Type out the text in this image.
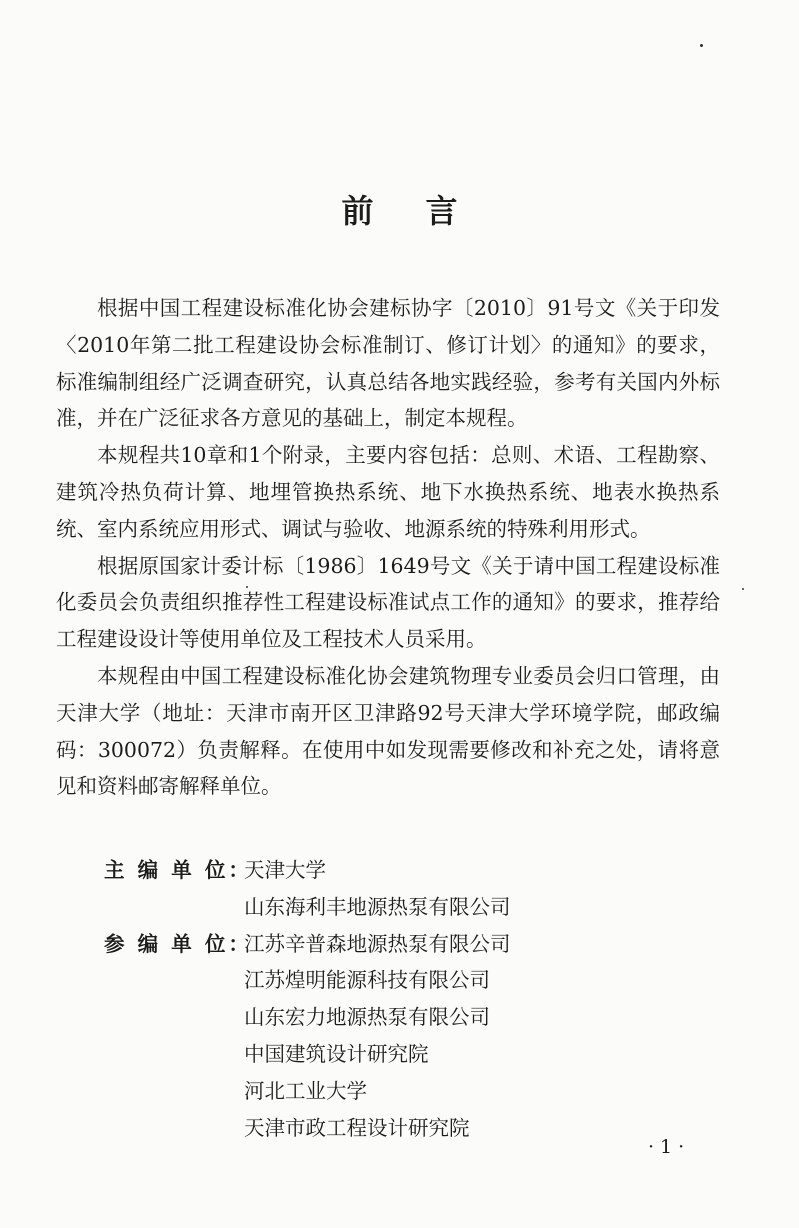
前 言

根据中国工程建设标准化协会建标协字〔2010〕91号文《关于印发〈2010年第二批工程建设协会标准制订、修订计划〉的通知》的要求，标准编制组经广泛调查研究，认真总结各地实践经验，参考有关国内外标准，并在广泛征求各方意见的基础上，制定本规程。

本规程共10章和1个附录，主要内容包括：总则、术语、工程勘察、建筑冷热负荷计算、地埋管换热系统、地下水换热系统、地表水换热系统、室内系统应用形式、调试与验收、地源系统的特殊利用形式。

根据原国家计委计标〔1986〕1649号文《关于请中国工程建设标准化委员会负责组织推荐性工程建设标准试点工作的通知》的要求，推荐给工程建设设计等使用单位及工程技术人员采用。

本规程由中国工程建设标准化协会建筑物理专业委员会归口管理，由天津大学（地址：天津市南开区卫津路92号天津大学环境学院，邮政编码：300072）负责解释。在使用中如发现需要修改和补充之处，请将意见和资料邮寄解释单位。

主 编 单 位：
天津大学
山东海利丰地源热泵有限公司
参 编 单 位：
江苏辛普森地源热泵有限公司
江苏煌明能源科技有限公司
山东宏力地源热泵有限公司
中国建筑设计研究院
河北工业大学
天津市政工程设计研究院
·1·
